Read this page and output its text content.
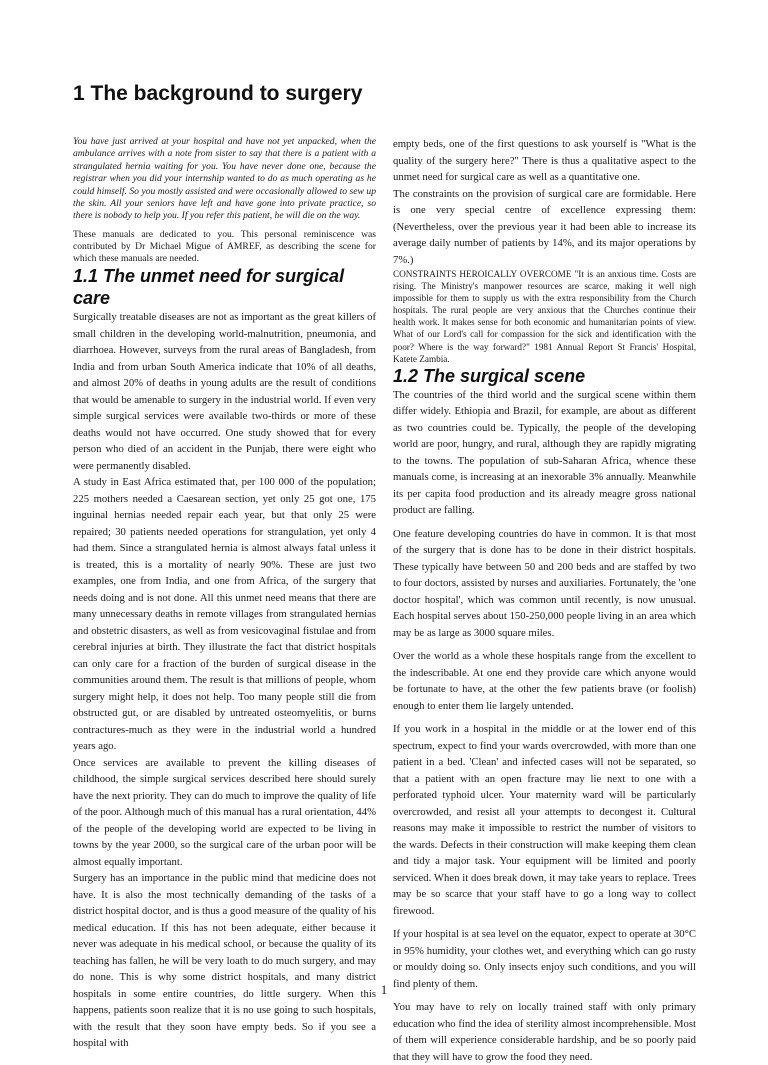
1 The background to surgery

You have just arrived at your hospital and have not yet unpacked, when the ambulance arrives with a note from sister to say that there is a patient with a strangulated hernia waiting for you. You have never done one, because the registrar when you did your internship wanted to do as much operating as he could himself. So you mostly assisted and were occasionally allowed to sew up the skin. All your seniors have left and have gone into private practice, so there is nobody to help you. If you refer this patient, he will die on the way.

These manuals are dedicated to you. This personal reminiscence was contributed by Dr Michael Migue of AMREF, as describing the scene for which these manuals are needed.

1.1 The unmet need for surgical care

Surgically treatable diseases are not as important as the great killers of small children in the developing world-malnutrition, pneumonia, and diarrhoea. However, surveys from the rural areas of Bangladesh, from India and from urban South America indicate that 10% of all deaths, and almost 20% of deaths in young adults are the result of conditions that would be amenable to surgery in the industrial world. If even very simple surgical services were available two-thirds or more of these deaths would not have occurred. One study showed that for every person who died of an accident in the Punjab, there were eight who were permanently disabled.

A study in East Africa estimated that, per 100 000 of the population; 225 mothers needed a Caesarean section, yet only 25 got one, 175 inguinal hernias needed repair each year, but that only 25 were repaired; 30 patients needed operations for strangulation, yet only 4 had them. Since a strangulated hernia is almost always fatal unless it is treated, this is a mortality of nearly 90%. These are just two examples, one from India, and one from Africa, of the surgery that needs doing and is not done. All this unmet need means that there are many unnecessary deaths in remote villages from strangulated hernias and obstetric disasters, as well as from vesicovaginal fistulae and from cerebral injuries at birth. They illustrate the fact that district hospitals can only care for a fraction of the burden of surgical disease in the communities around them. The result is that millions of people, whom surgery might help, it does not help. Too many people still die from obstructed gut, or are disabled by untreated osteomyelitis, or burns contractures-much as they were in the industrial world a hundred years ago.

Once services are available to prevent the killing diseases of childhood, the simple surgical services described here should surely have the next priority. They can do much to improve the quality of life of the poor. Although much of this manual has a rural orientation, 44% of the people of the developing world are expected to be living in towns by the year 2000, so the surgical care of the urban poor will be almost equally important.

Surgery has an importance in the public mind that medicine does not have. It is also the most technically demanding of the tasks of a district hospital doctor, and is thus a good measure of the quality of his medical education. If this has not been adequate, either because it never was adequate in his medical school, or because the quality of its teaching has fallen, he will be very loath to do much surgery, and may do none. This is why some district hospitals, and many district hospitals in some entire countries, do little surgery. When this happens, patients soon realize that it is no use going to such hospitals, with the result that they soon have empty beds. So if you see a hospital with

empty beds, one of the first questions to ask yourself is "What is the quality of the surgery here?" There is thus a qualitative aspect to the unmet need for surgical care as well as a quantitative one.

The constraints on the provision of surgical care are formidable. Here is one very special centre of excellence expressing them: (Nevertheless, over the previous year it had been able to increase its average daily number of patients by 14%, and its major operations by 7%.)

CONSTRAINTS HEROICALLY OVERCOME "It is an anxious time. Costs are rising. The Ministry's manpower resources are scarce, making it well nigh impossible for them to supply us with the extra responsibility from the Church hospitals. The rural people are very anxious that the Churches continue their health work. It makes sense for both economic and humanitarian points of view. What of our Lord's call for compassion for the sick and identification with the poor? Where is the way forward?" 1981 Annual Report St Francis' Hospital, Katete Zambia.

1.2 The surgical scene

The countries of the third world and the surgical scene within them differ widely. Ethiopia and Brazil, for example, are about as different as two countries could be. Typically, the people of the developing world are poor, hungry, and rural, although they are rapidly migrating to the towns. The population of sub-Saharan Africa, whence these manuals come, is increasing at an inexorable 3% annually. Meanwhile its per capita food production and its already meagre gross national product are falling.

One feature developing countries do have in common. It is that most of the surgery that is done has to be done in their district hospitals. These typically have between 50 and 200 beds and are staffed by two to four doctors, assisted by nurses and auxiliaries. Fortunately, the 'one doctor hospital', which was common until recently, is now unusual. Each hospital serves about 150-250,000 people living in an area which may be as large as 3000 square miles.

Over the world as a whole these hospitals range from the excellent to the indescribable. At one end they provide care which anyone would be fortunate to have, at the other the few patients brave (or foolish) enough to enter them lie largely untended.

If you work in a hospital in the middle or at the lower end of this spectrum, expect to find your wards overcrowded, with more than one patient in a bed. 'Clean' and infected cases will not be separated, so that a patient with an open fracture may lie next to one with a perforated typhoid ulcer. Your maternity ward will be particularly overcrowded, and resist all your attempts to decongest it. Cultural reasons may make it impossible to restrict the number of visitors to the wards. Defects in their construction will make keeping them clean and tidy a major task. Your equipment will be limited and poorly serviced. When it does break down, it may take years to replace. Trees may be so scarce that your staff have to go a long way to collect firewood.

If your hospital is at sea level on the equator, expect to operate at 30°C in 95% humidity, your clothes wet, and everything which can go rusty or mouldy doing so. Only insects enjoy such conditions, and you will find plenty of them.

You may have to rely on locally trained staff with only primary education who find the idea of sterility almost incomprehensible. Most of them will experience considerable hardship, and be so poorly paid that they will have to grow the food they need.

1
